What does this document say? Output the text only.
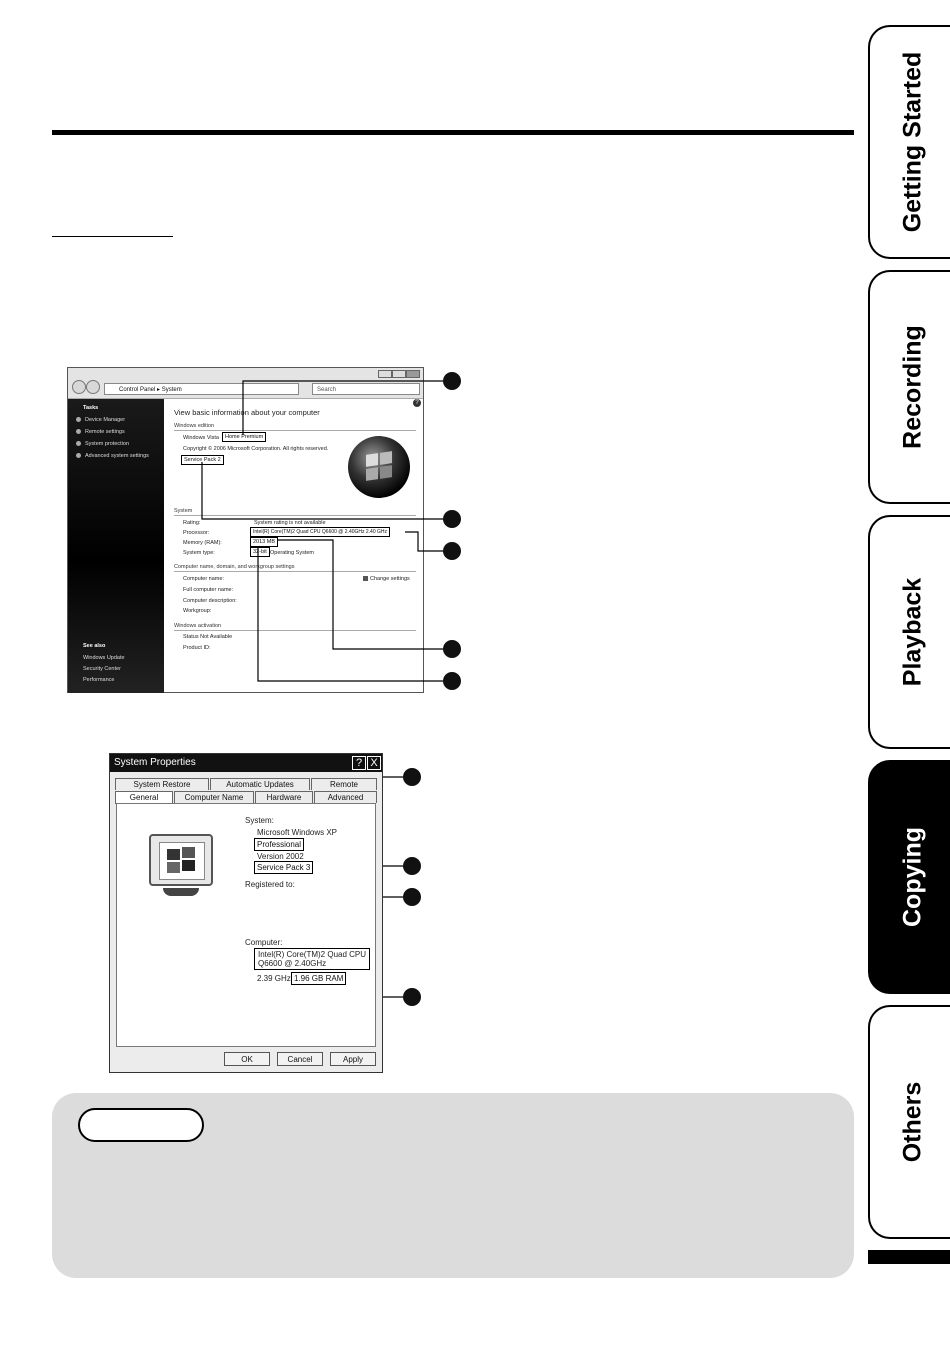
Getting Started
Recording
Playback
Copying
Others
Control Panel ▸ System	Search
Tasks
Device Manager
Remote settings
System protection
Advanced system settings
See also
Windows Update
Security Center
Performance
?
View basic information about your computer
Windows edition
Windows Vista	Home Premium
Copyright © 2006 Microsoft Corporation. All rights reserved.
Service Pack 2
System
Rating:	System rating is not available
Processor:	Intel(R) Core(TM)2 Quad CPU Q6600 @ 2.40GHz 2.40 GHz
Memory (RAM):	2013 MB
System type:	32-bit Operating System
Computer name, domain, and workgroup settings
Computer name:	Change settings
Full computer name:
Computer description:
Workgroup:
Windows activation
Status Not Available
Product ID:
System Properties	? X
System Restore	Automatic Updates	Remote
General	Computer Name	Hardware	Advanced
System:
Microsoft Windows XP
Professional
Version 2002
Service Pack 3
Registered to:
Computer:
Intel(R) Core(TM)2 Quad CPU
Q6600 @ 2.40GHz
2.39 GHz 1.96 GB RAM
OK	Cancel	Apply
